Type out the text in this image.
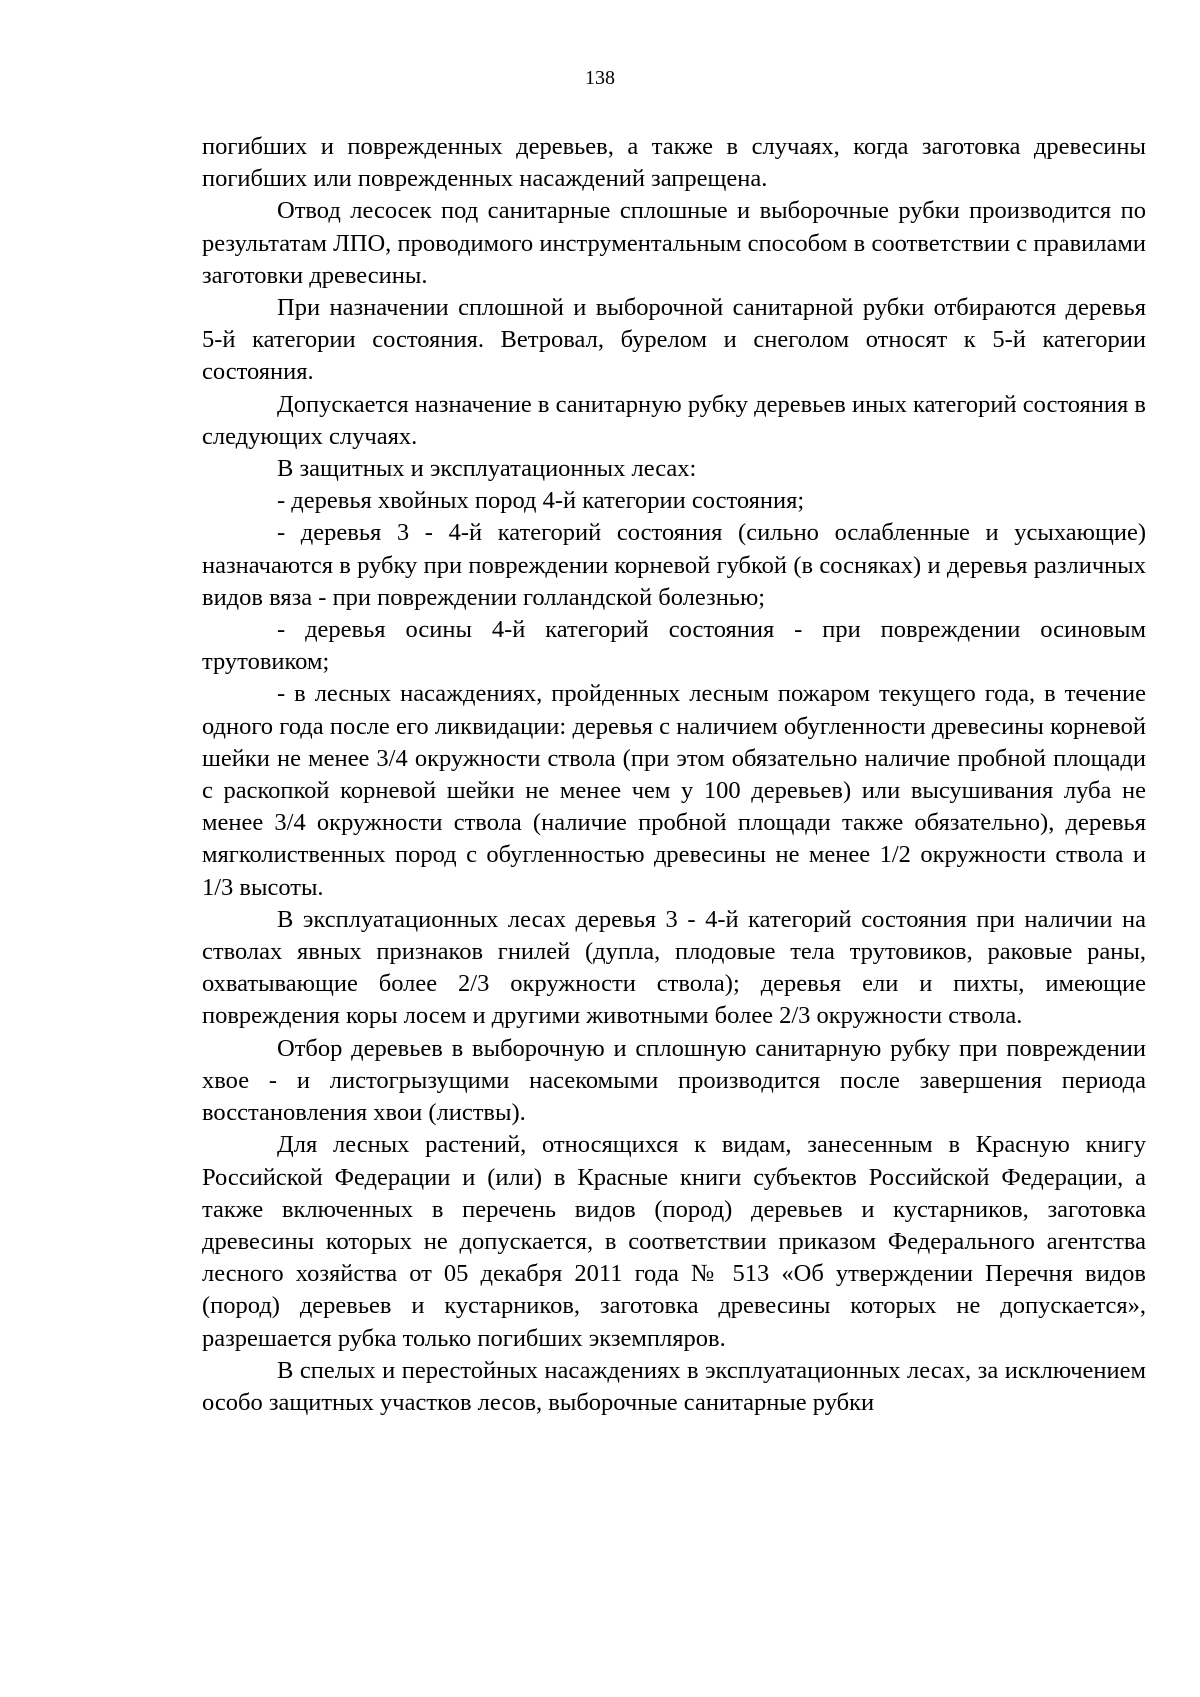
138

погибших и поврежденных деревьев, а также в случаях, когда заготовка древесины погибших или поврежденных насаждений запрещена.

Отвод лесосек под санитарные сплошные и выборочные рубки производится по результатам ЛПО, проводимого инструментальным способом в соответствии с правилами заготовки древесины.

При назначении сплошной и выборочной санитарной рубки отбираются деревья 5-й категории состояния. Ветровал, бурелом и снеголом относят к 5-й категории состояния.

Допускается назначение в санитарную рубку деревьев иных категорий состояния в следующих случаях.

В защитных и эксплуатационных лесах:

- деревья хвойных пород 4-й категории состояния;

- деревья 3 - 4-й категорий состояния (сильно ослабленные и усыхающие) назначаются в рубку при повреждении корневой губкой (в сосняках) и деревья различных видов вяза - при повреждении голландской болезнью;

- деревья осины 4-й категорий состояния - при повреждении осиновым трутовиком;

- в лесных насаждениях, пройденных лесным пожаром текущего года, в течение одного года после его ликвидации: деревья с наличием обугленности древесины корневой шейки не менее 3/4 окружности ствола (при этом обязательно наличие пробной площади с раскопкой корневой шейки не менее чем у 100 деревьев) или высушивания луба не менее 3/4 окружности ствола (наличие пробной площади также обязательно), деревья мягколиственных пород с обугленностью древесины не менее 1/2 окружности ствола и 1/3 высоты.

В эксплуатационных лесах деревья 3 - 4-й категорий состояния при наличии на стволах явных признаков гнилей (дупла, плодовые тела трутовиков, раковые раны, охватывающие более 2/3 окружности ствола); деревья ели и пихты, имеющие повреждения коры лосем и другими животными более 2/3 окружности ствола.

Отбор деревьев в выборочную и сплошную санитарную рубку при повреждении хвое - и листогрызущими насекомыми производится после завершения периода восстановления хвои (листвы).

Для лесных растений, относящихся к видам, занесенным в Красную книгу Российской Федерации и (или) в Красные книги субъектов Российской Федерации, а также включенных в перечень видов (пород) деревьев и кустарников, заготовка древесины которых не допускается, в соответствии приказом Федерального агентства лесного хозяйства от 05 декабря 2011 года № 513 «Об утверждении Перечня видов (пород) деревьев и кустарников, заготовка древесины которых не допускается», разрешается рубка только погибших экземпляров.

В спелых и перестойных насаждениях в эксплуатационных лесах, за исключением особо защитных участков лесов, выборочные санитарные рубки
